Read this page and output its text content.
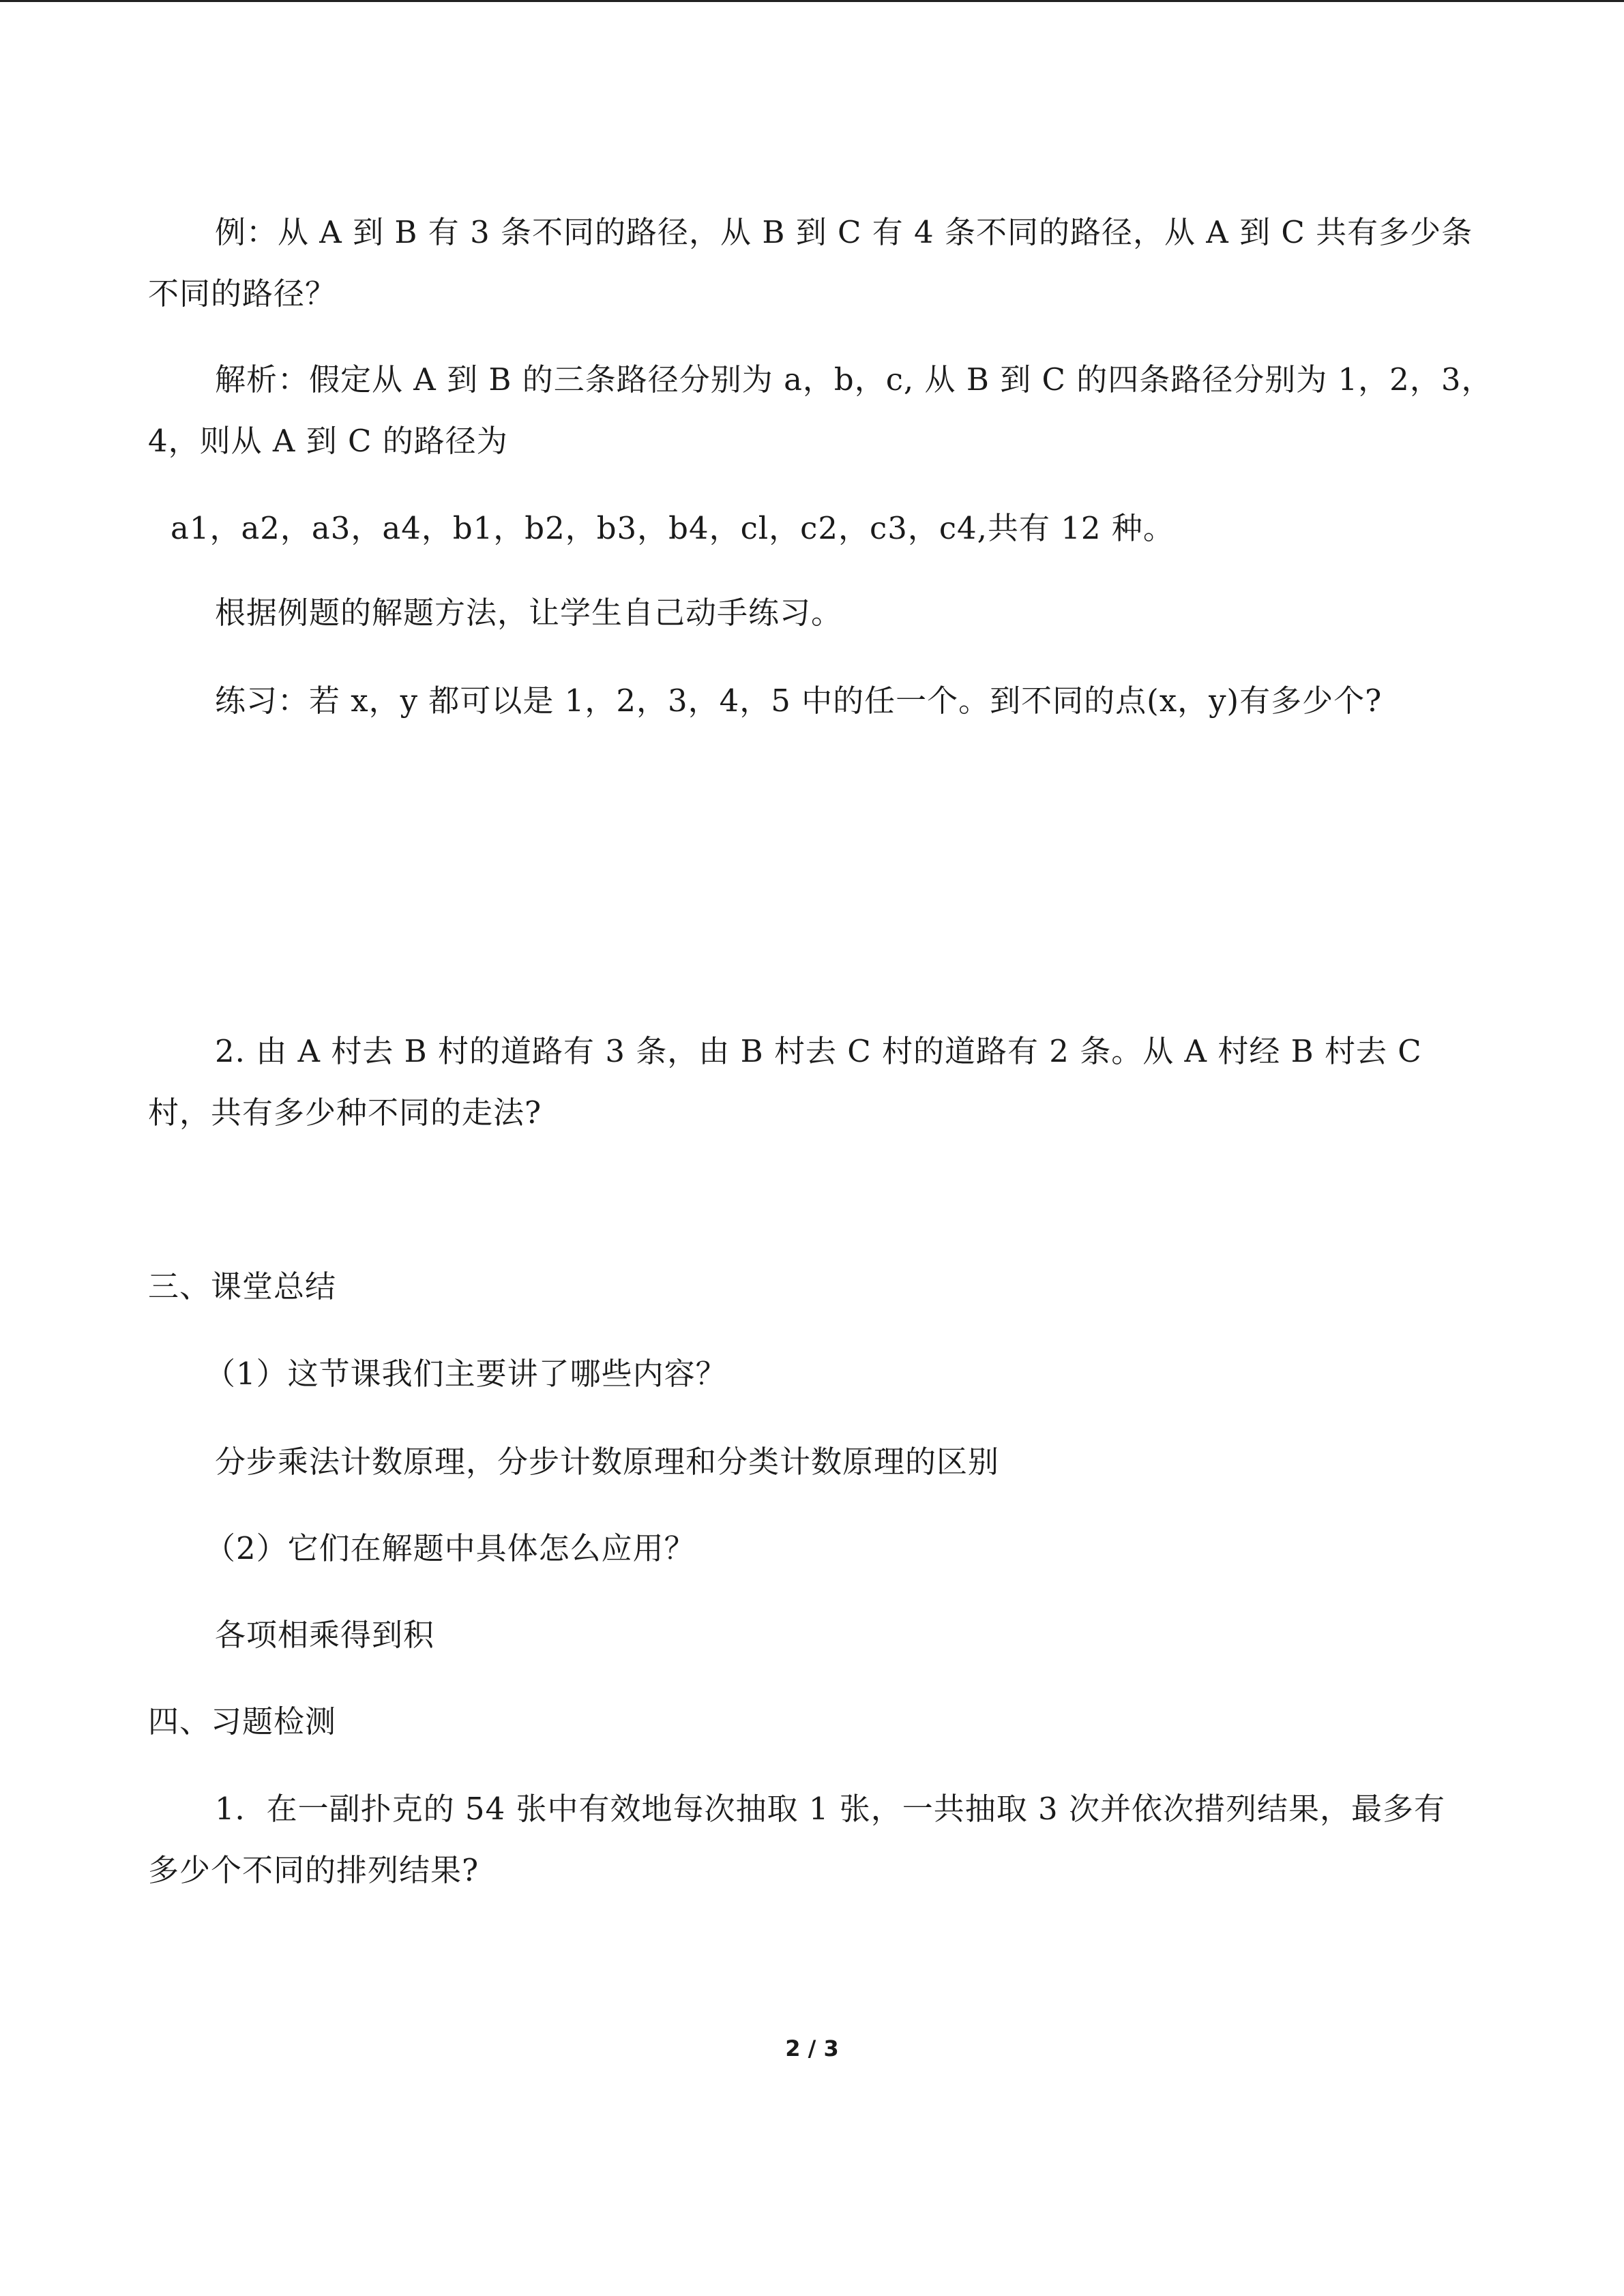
例：从 A 到 B 有 3 条不同的路径，从 B 到 C 有 4 条不同的路径，从 A 到 C 共有多少条
不同的路径？
解析：假定从 A 到 B 的三条路径分别为 a，b，c, 从 B 到 C 的四条路径分别为 1，2，3，
4，则从 A 到 C 的路径为
a1，a2，a3，a4，b1，b2，b3，b4，cl，c2，c3，c4,共有 12 种。
根据例题的解题方法，让学生自己动手练习。
练习：若 x，y 都可以是 1，2，3，4，5 中的任一个。到不同的点(x，y)有多少个?
2. 由 A 村去 B 村的道路有 3 条，由 B 村去 C 村的道路有 2 条。从 A 村经 B 村去 C
村，共有多少种不同的走法?
三、课堂总结
（1）这节课我们主要讲了哪些内容？
分步乘法计数原理，分步计数原理和分类计数原理的区别
（2）它们在解题中具体怎么应用？
各项相乘得到积
四、习题检测
1．在一副扑克的 54 张中有效地每次抽取 1 张，一共抽取 3 次并依次措列结果，最多有
多少个不同的排列结果?
2 / 3
